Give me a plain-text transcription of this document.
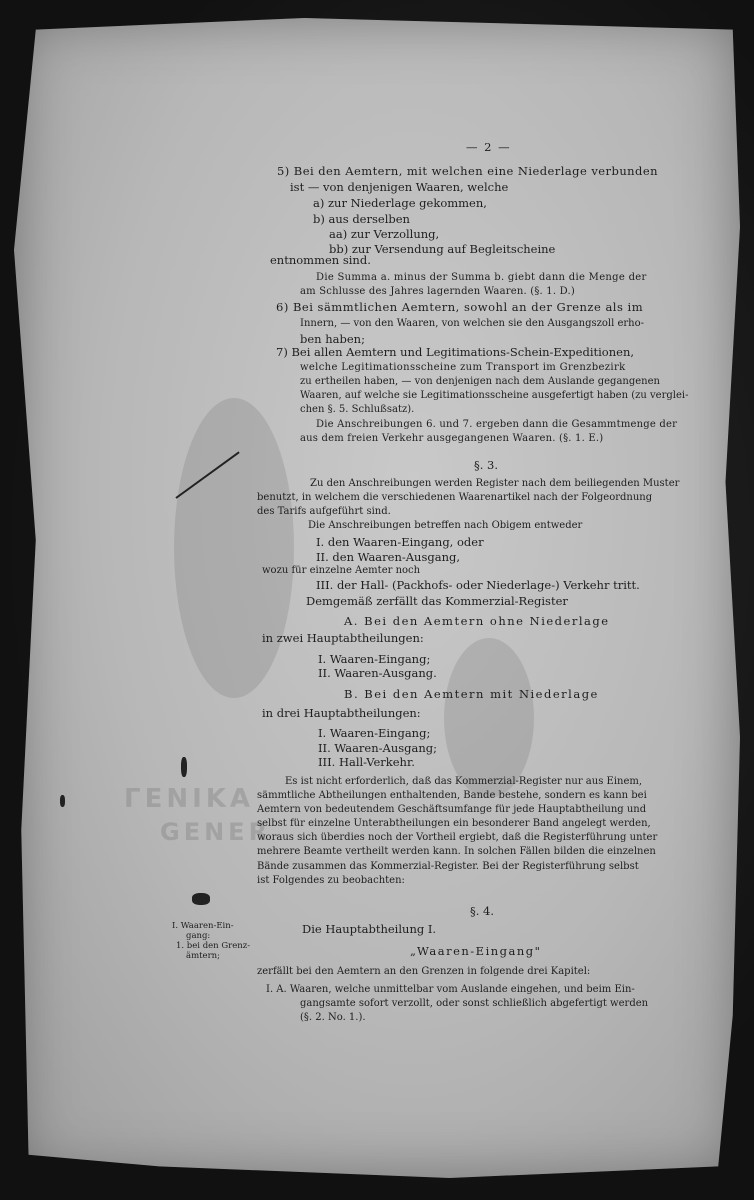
ΓΕΝΙΚΑ
GENER
— 2 —
5) Bei den Aemtern, mit welchen eine Niederlage verbunden
ist — von denjenigen Waaren, welche
a) zur Niederlage gekommen,
b) aus derselben
aa) zur Verzollung,
bb) zur Versendung auf Begleitscheine
entnommen sind.
Die Summa a. minus der Summa b. giebt dann die Menge der
am Schlusse des Jahres lagernden Waaren. (§. 1. D.)
6) Bei sämmtlichen Aemtern, sowohl an der Grenze als im
Innern, — von den Waaren, von welchen sie den Ausgangszoll erho-
ben haben;
7) Bei allen Aemtern und Legitimations-Schein-Expeditionen,
welche Legitimationsscheine zum Transport im Grenzbezirk
zu ertheilen haben, — von denjenigen nach dem Auslande gegangenen
Waaren, auf welche sie Legitimationsscheine ausgefertigt haben (zu verglei-
chen §. 5. Schlußsatz).
Die Anschreibungen 6. und 7. ergeben dann die Gesammtmenge der
aus dem freien Verkehr ausgegangenen Waaren. (§. 1. E.)
§. 3.
Zu den Anschreibungen werden Register nach dem beiliegenden Muster
benutzt, in welchem die verschiedenen Waarenartikel nach der Folgeordnung
des Tarifs aufgeführt sind.
Die Anschreibungen betreffen nach Obigem entweder
I. den Waaren-Eingang, oder
II. den Waaren-Ausgang,
wozu für einzelne Aemter noch
III. der Hall- (Packhofs- oder Niederlage-) Verkehr tritt.
Demgemäß zerfällt das Kommerzial-Register
A. Bei den Aemtern ohne Niederlage
in zwei Hauptabtheilungen:
I. Waaren-Eingang;
II. Waaren-Ausgang.
B. Bei den Aemtern mit Niederlage
in drei Hauptabtheilungen:
I. Waaren-Eingang;
II. Waaren-Ausgang;
III. Hall-Verkehr.
Es ist nicht erforderlich, daß das Kommerzial-Register nur aus Einem,
sämmtliche Abtheilungen enthaltenden, Bande bestehe, sondern es kann bei
Aemtern von bedeutendem Geschäftsumfange für jede Hauptabtheilung und
selbst für einzelne Unterabtheilungen ein besonderer Band angelegt werden,
woraus sich überdies noch der Vortheil ergiebt, daß die Registerführung unter
mehrere Beamte vertheilt werden kann. In solchen Fällen bilden die einzelnen
Bände zusammen das Kommerzial-Register. Bei der Registerführung selbst
ist Folgendes zu beobachten:
§. 4.
Die Hauptabtheilung I.
„Waaren-Eingang"
zerfällt bei den Aemtern an den Grenzen in folgende drei Kapitel:
I. A. Waaren, welche unmittelbar vom Auslande eingehen, und beim Ein-
gangsamte sofort verzollt, oder sonst schließlich abgefertigt werden
(§. 2. No. 1.).
I. Waaren-Ein-
gang:
1. bei den Grenz-
ämtern;
